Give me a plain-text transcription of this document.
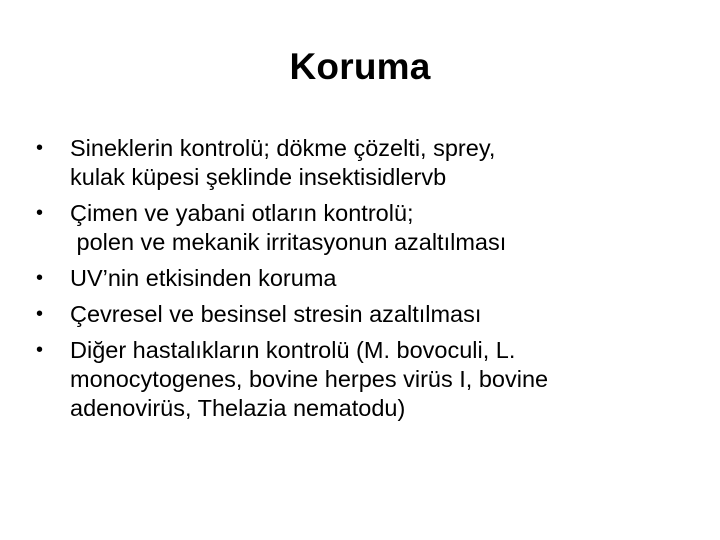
Koruma
•	Sineklerin kontrolü; dökme çözelti, sprey,
kulak küpesi şeklinde insektisidlervb
•	Çimen ve yabani otların kontrolü;
polen ve mekanik irritasyonun azaltılması
•	UV’nin etkisinden koruma
•	Çevresel ve besinsel stresin azaltılması
•	Diğer hastalıkların kontrolü (M. bovoculi, L.
monocytogenes, bovine herpes virüs I, bovine
adenovirüs, Thelazia nematodu)
